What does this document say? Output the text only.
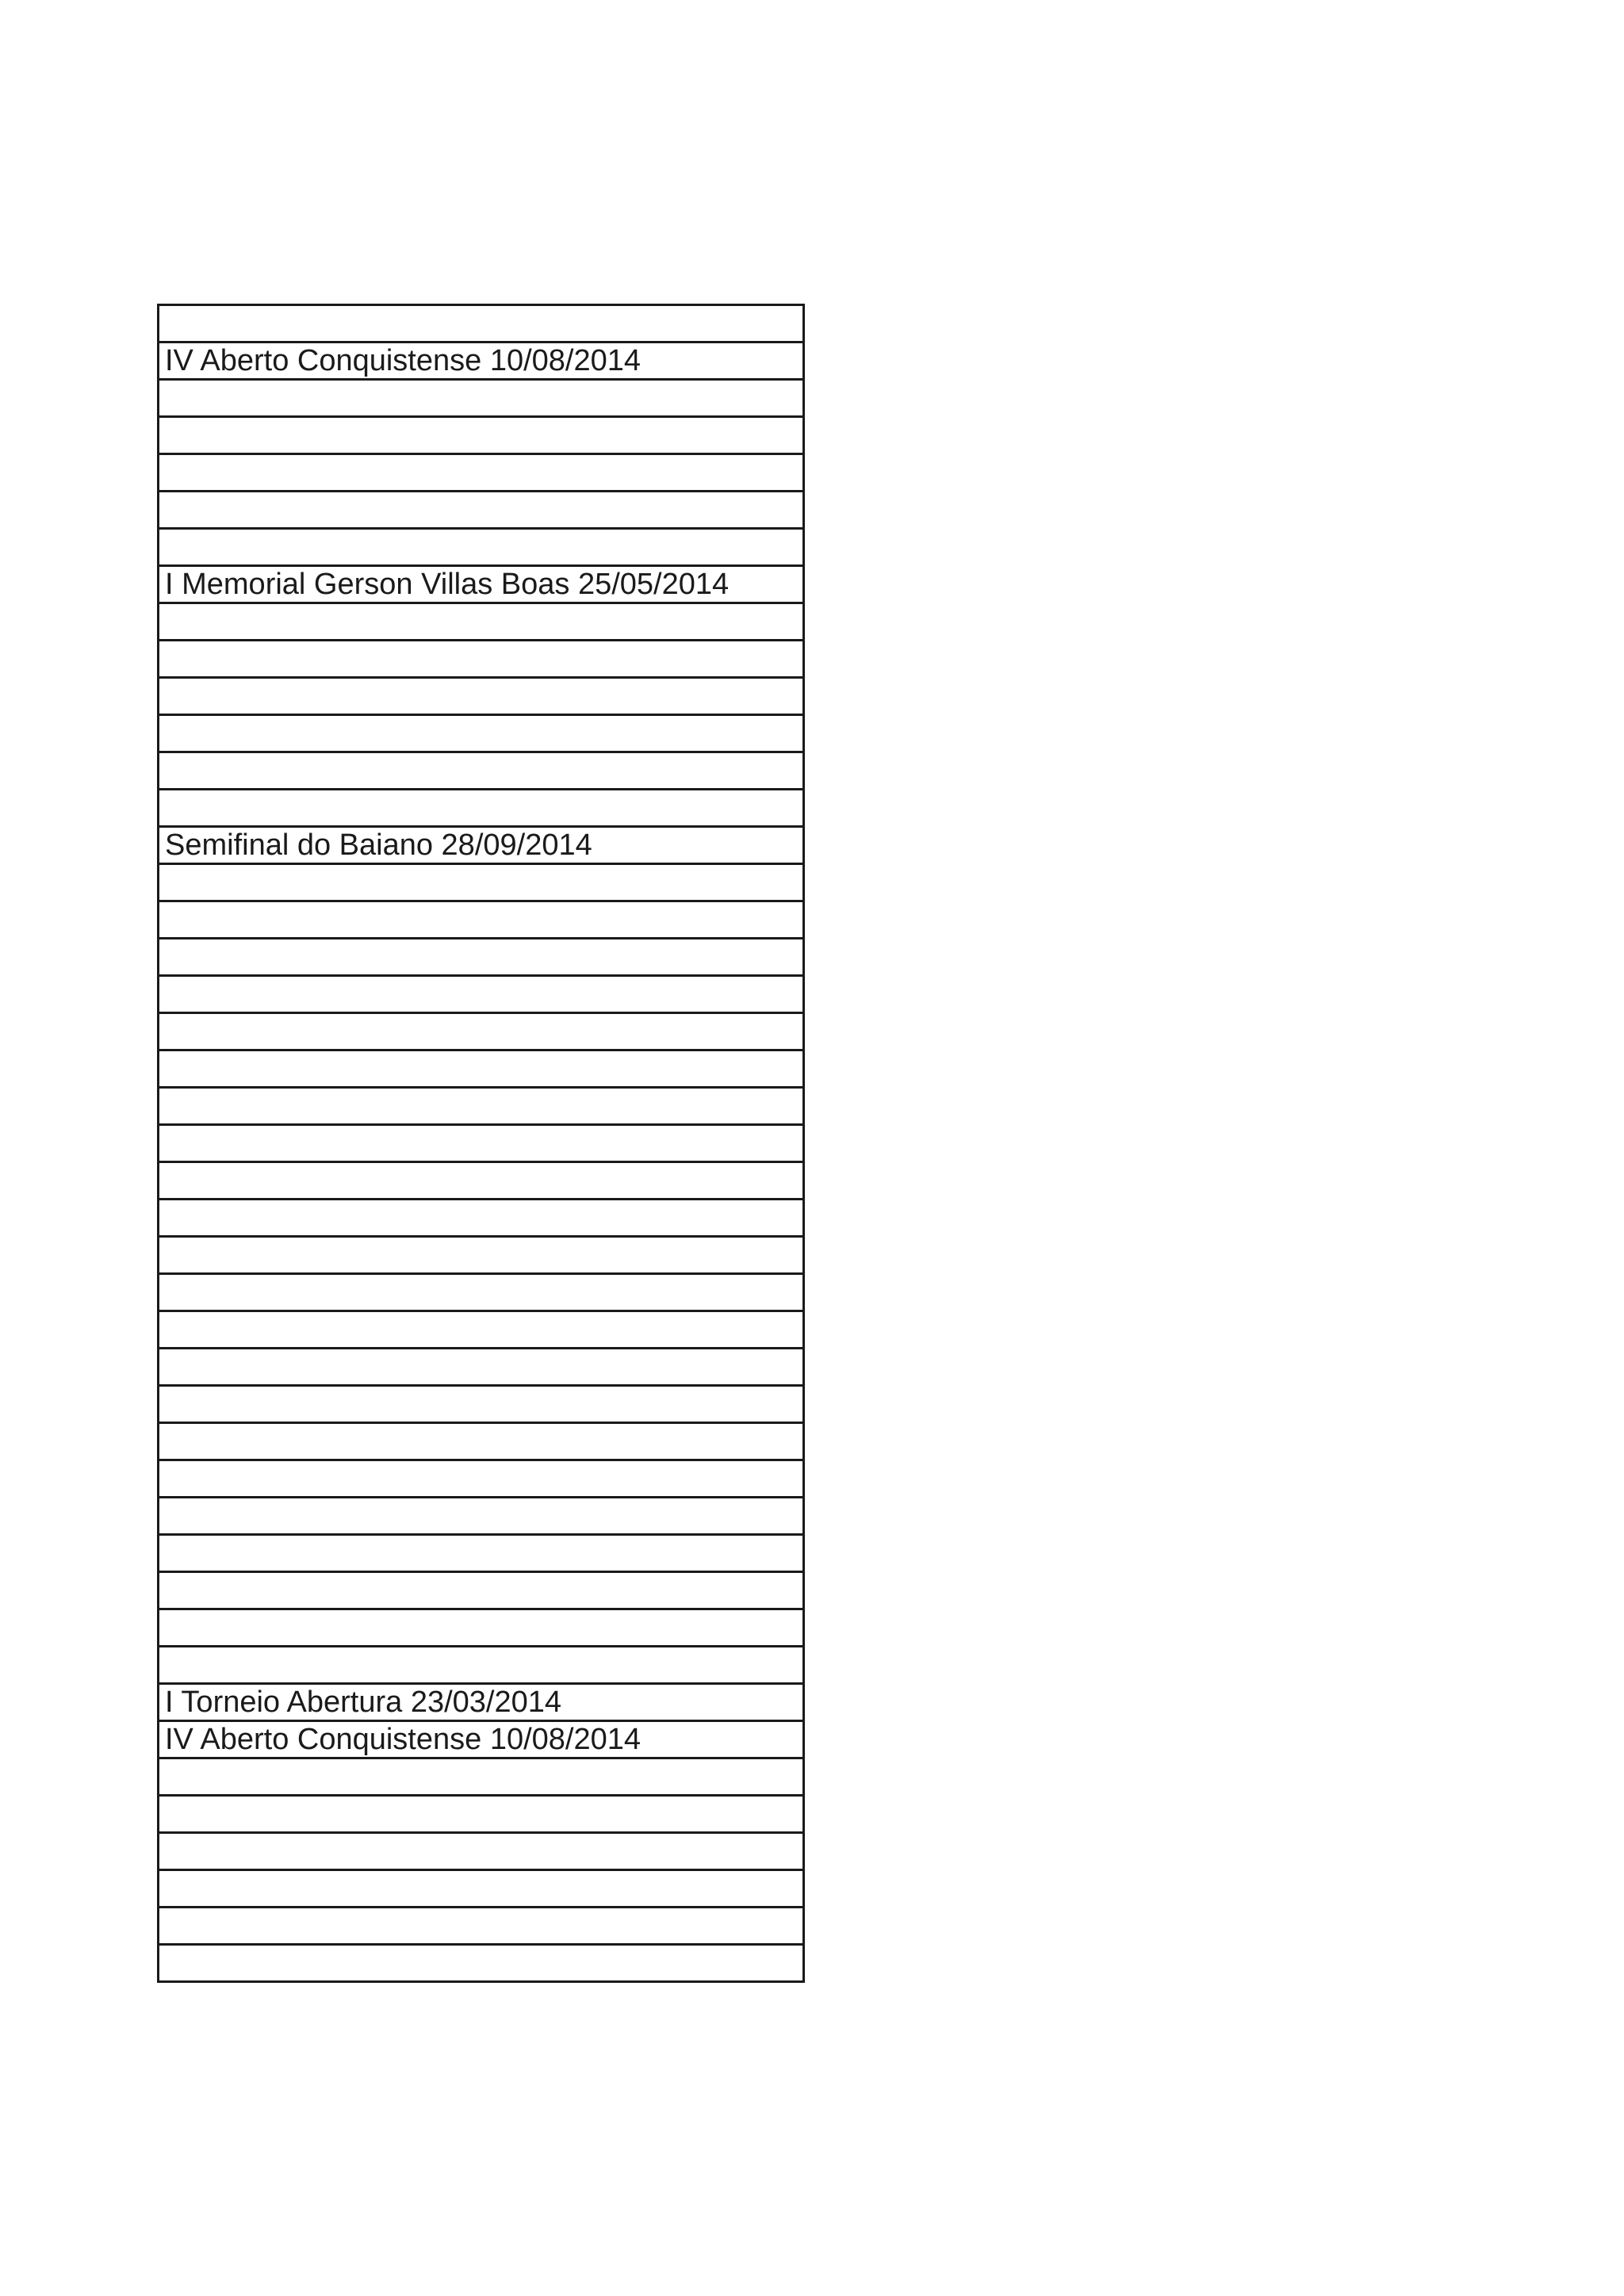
IV Aberto Conquistense 10/08/2014

I Memorial Gerson Villas Boas 25/05/2014

Semifinal do Baiano 28/09/2014

I Torneio Abertura 23/03/2014
IV Aberto Conquistense 10/08/2014
